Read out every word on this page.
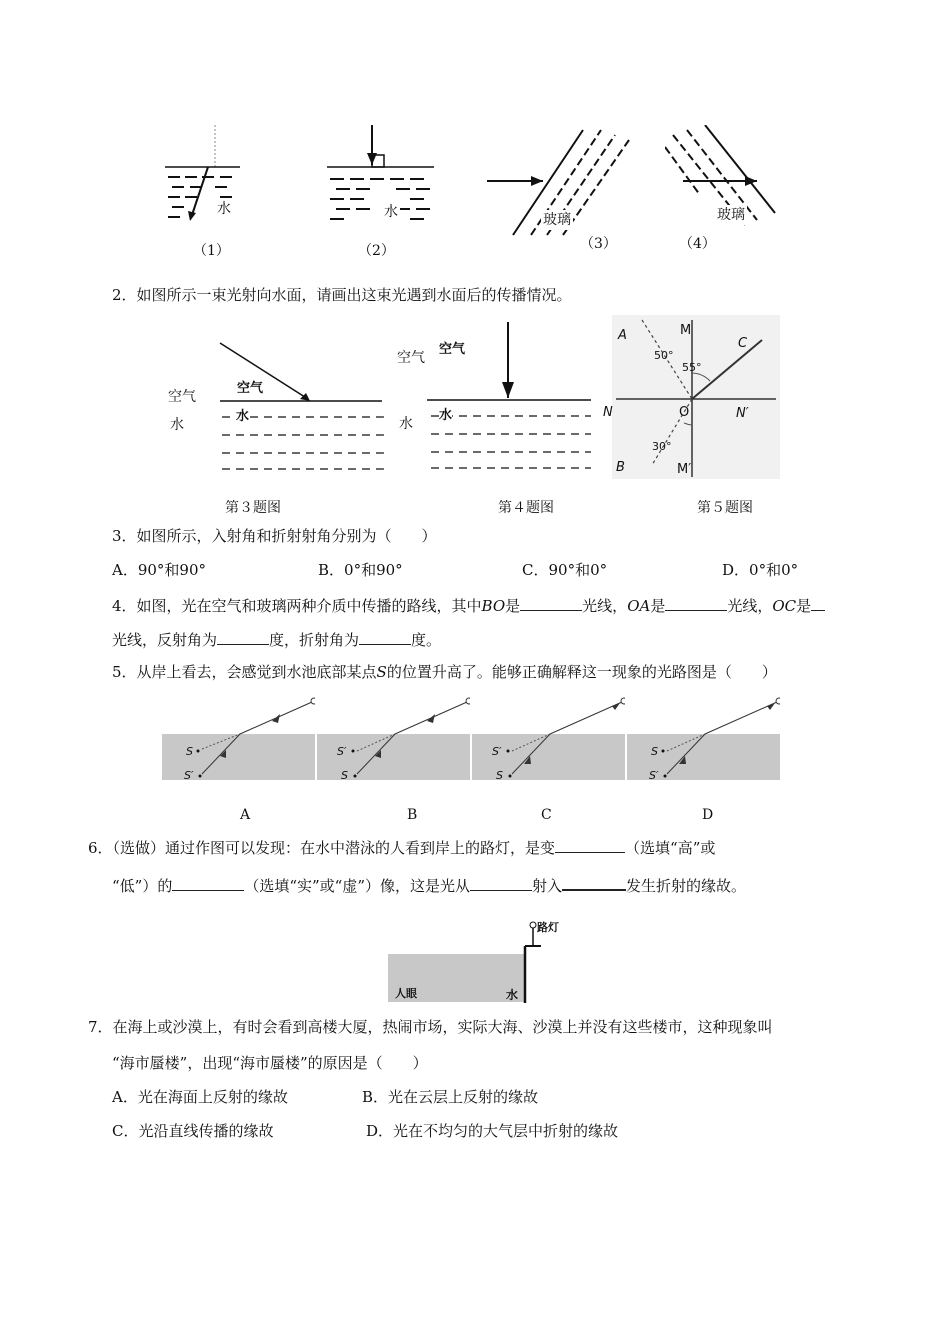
水
（1）
水
（2）
玻璃
（3）
玻璃
（4）
2．如图所示一束光射向水面，请画出这束光遇到水面后的传播情况。
空气
空气
水
水
第３题图
空气
空气
水
水
第４题图
A	M
C
50°
55°
N	O	N′
30°
B	M′
第５题图
3．如图所示，入射角和折射射角分别为（　　）
A．90°和90°	B．0°和90°	C．90°和0°	D．0°和0°
4．如图，光在空气和玻璃两种介质中传播的路线，其中BO是	光线，OA是	光线，OC是
光线，反射角为	度，折射角为	度。
5．从岸上看去，会感觉到水池底部某点S的位置升高了。能够正确解释这一现象的光路图是（　　）
S
S′
S′
S
S′
S
S
S′
A	B	C	D
6．（选做）通过作图可以发现：在水中潜泳的人看到岸上的路灯，是变	（选填“高”或
“低”）的	（选填“实”或“虚”）像，这是光从	射入	发生折射的缘故。
路灯
人眼	水
7．在海上或沙漠上，有时会看到高楼大厦，热闹市场，实际大海、沙漠上并没有这些楼市，这种现象叫
“海市蜃楼”，出现“海市蜃楼”的原因是（　　）
A．光在海面上反射的缘故	B．光在云层上反射的缘故
C．光沿直线传播的缘故	D．光在不均匀的大气层中折射的缘故
